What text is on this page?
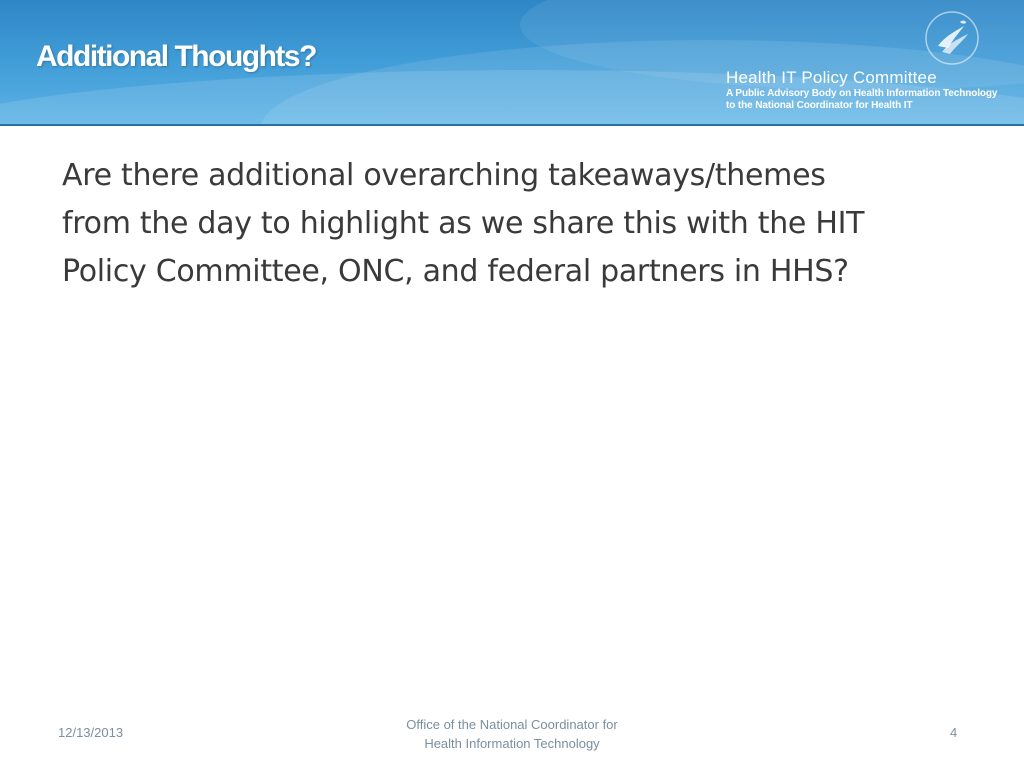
Additional Thoughts?
Health IT Policy Committee
A Public Advisory Body on Health Information Technology
to the National Coordinator for Health IT
Are there additional overarching takeaways/themes
from the day to highlight as we share this with the HIT
Policy Committee, ONC, and federal partners in HHS?
12/13/2013
Office of the National Coordinator for
Health Information Technology
4
